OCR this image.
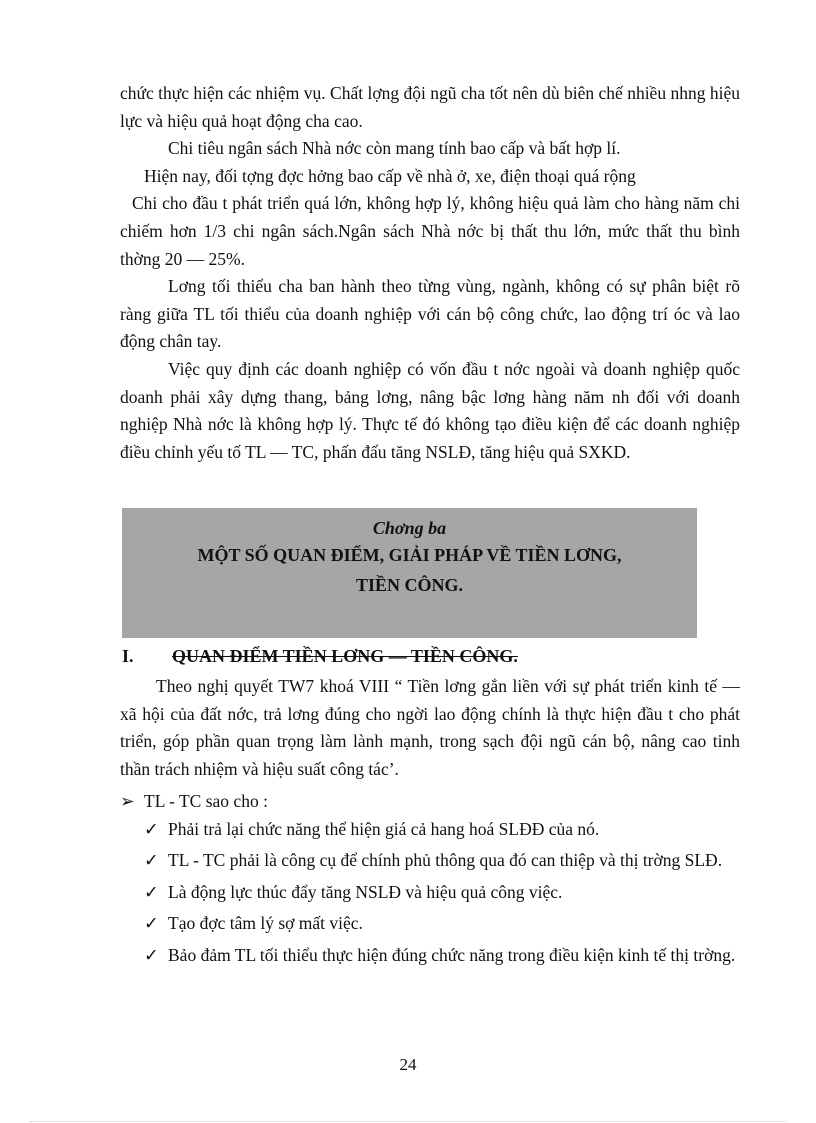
chức thực hiện các nhiệm vụ. Chất lợng đội ngũ cha tốt nên dù biên chế nhiều nhng hiệu lực và hiệu quả hoạt động cha cao.

Chi tiêu ngân sách Nhà nớc còn mang tính bao cấp và bất hợp lí.

Hiện nay, đối tợng đợc hởng bao cấp về nhà ở, xe, điện thoại quá rộng

Chi cho đầu t phát triển quá lớn, không hợp lý, không hiệu quả làm cho hàng năm chi chiếm hơn 1/3 chi ngân sách.Ngân sách Nhà nớc bị thất thu lớn, mức thất thu bình thờng 20 — 25%.

Lơng tối thiểu cha ban hành theo từng vùng, ngành, không có sự phân biệt rõ ràng giữa TL tối thiểu của doanh nghiệp với cán bộ công chức, lao động trí óc và lao động chân tay.

Việc quy định các doanh nghiệp có vốn đầu t nớc ngoài và doanh nghiệp quốc doanh phải xây dựng thang, bảng lơng, nâng bậc lơng hàng năm nh đối với doanh nghiệp Nhà nớc là không hợp lý. Thực tế đó không tạo điều kiện để các doanh nghiệp điều chỉnh yếu tố TL — TC, phấn đấu tăng NSLĐ, tăng hiệu quả SXKD.

Chơng ba
MỘT SỐ QUAN ĐIỂM, GIẢI PHÁP VỀ TIỀN LƠNG,
TIỀN CÔNG.
I. QUAN ĐIỂM TIỀN LƠNG — TIỀN CÔNG.

Theo nghị quyết TW7 khoá VIII “ Tiền lơng gắn liền với sự phát triển kinh tế — xã hội của đất nớc, trả lơng đúng cho ngời lao động chính là thực hiện đầu t cho phát triển, góp phần quan trọng làm lành mạnh, trong sạch đội ngũ cán bộ, nâng cao tinh thần trách nhiệm và hiệu suất công tác’.

➢ TL - TC sao cho :

✓ Phải trả lại chức năng thể hiện giá cả hang hoá SLĐĐ của nó.

✓ TL - TC phải là công cụ để chính phủ thông qua đó can thiệp và thị trờng SLĐ.

✓ Là động lực thúc đẩy tăng NSLĐ và hiệu quả công việc.

✓ Tạo đợc tâm lý sợ mất việc.

✓ Bảo đảm TL tối thiểu thực hiện đúng chức năng trong điều kiện kinh tế thị trờng.

24
